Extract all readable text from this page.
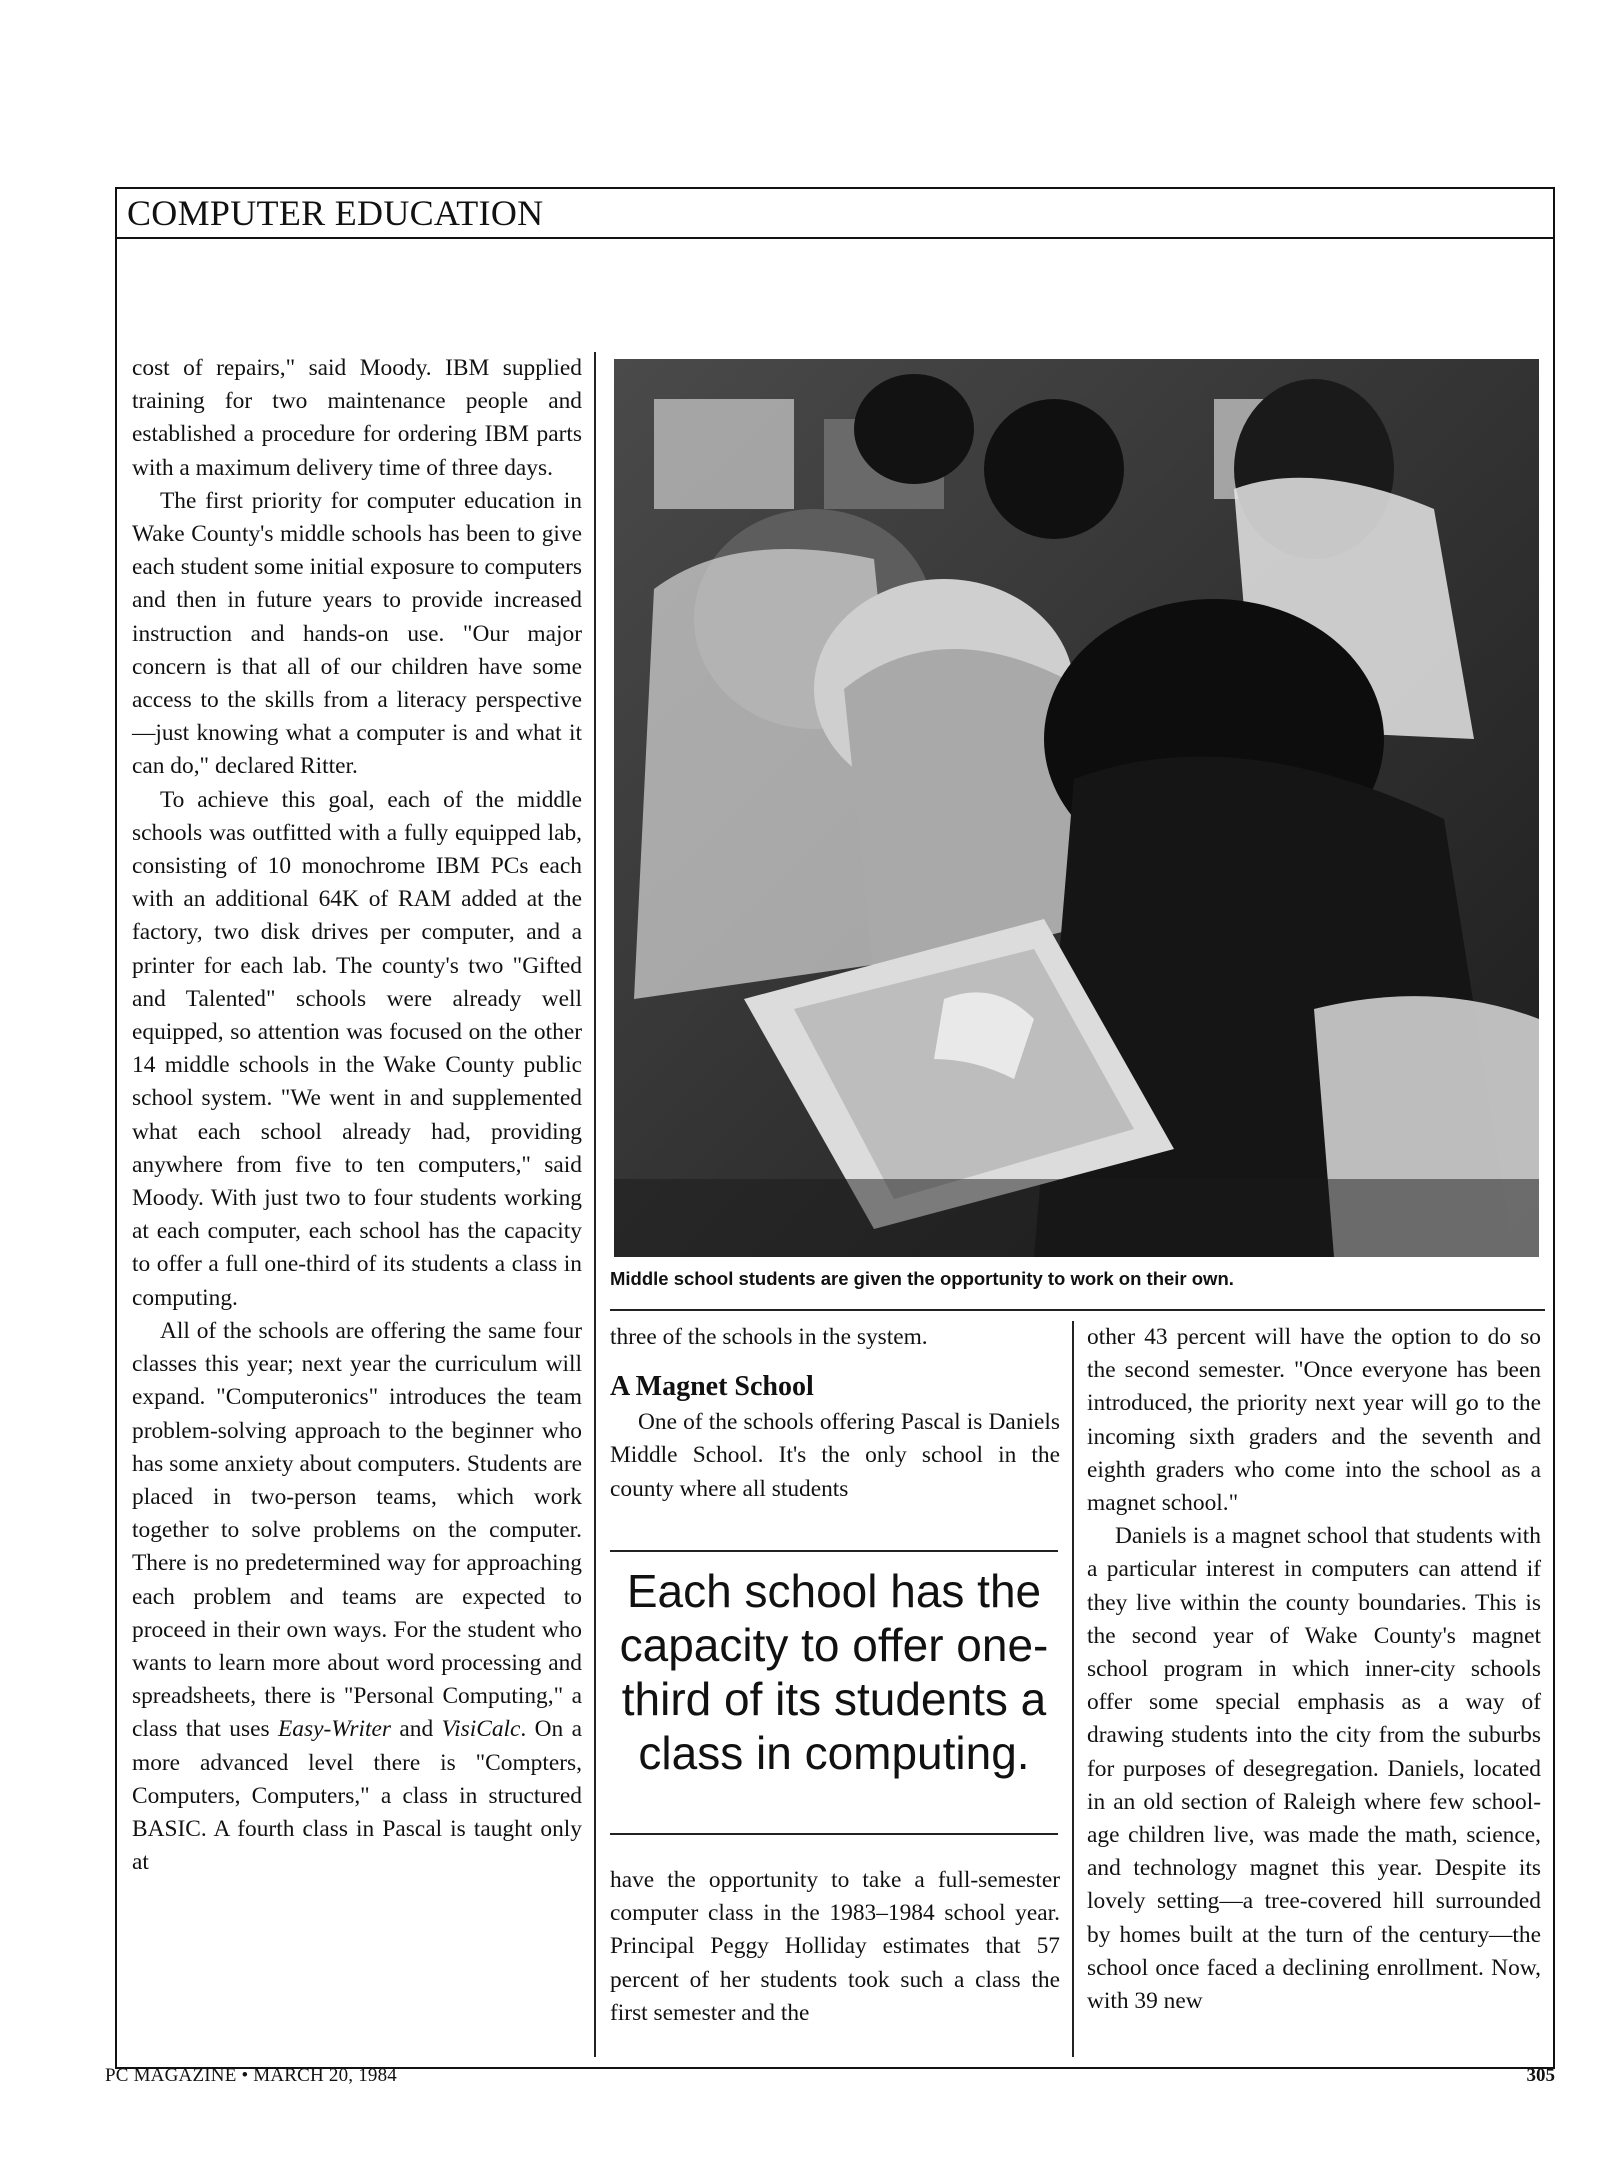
COMPUTER EDUCATION

cost of repairs," said Moody. IBM supplied training for two maintenance people and established a procedure for ordering IBM parts with a maximum delivery time of three days.

The first priority for computer education in Wake County's middle schools has been to give each student some initial exposure to computers and then in future years to provide increased instruction and hands-on use. "Our major concern is that all of our children have some access to the skills from a literacy perspective—just knowing what a computer is and what it can do," declared Ritter.

To achieve this goal, each of the middle schools was outfitted with a fully equipped lab, consisting of 10 monochrome IBM PCs each with an additional 64K of RAM added at the factory, two disk drives per computer, and a printer for each lab. The county's two "Gifted and Talented" schools were already well equipped, so attention was focused on the other 14 middle schools in the Wake County public school system. "We went in and supplemented what each school already had, providing anywhere from five to ten computers," said Moody. With just two to four students working at each computer, each school has the capacity to offer a full one-third of its students a class in computing.

All of the schools are offering the same four classes this year; next year the curriculum will expand. "Computeronics" introduces the team problem-solving approach to the beginner who has some anxiety about computers. Students are placed in two-person teams, which work together to solve problems on the computer. There is no predetermined way for approaching each problem and teams are expected to proceed in their own ways. For the student who wants to learn more about word processing and spreadsheets, there is "Personal Computing," a class that uses Easy-Writer and VisiCalc. On a more advanced level there is "Compters, Computers, Computers," a class in structured BASIC. A fourth class in Pascal is taught only at

Middle school students are given the opportunity to work on their own.

three of the schools in the system.

A Magnet School

One of the schools offering Pascal is Daniels Middle School. It's the only school in the county where all students

Each school has the capacity to offer one-third of its students a class in computing.

have the opportunity to take a full-semester computer class in the 1983–1984 school year. Principal Peggy Holliday estimates that 57 percent of her students took such a class the first semester and the

other 43 percent will have the option to do so the second semester. "Once everyone has been introduced, the priority next year will go to the incoming sixth graders and the seventh and eighth graders who come into the school as a magnet school."

Daniels is a magnet school that students with a particular interest in computers can attend if they live within the county boundaries. This is the second year of Wake County's magnet school program in which inner-city schools offer some special emphasis as a way of drawing students into the city from the suburbs for purposes of desegregation. Daniels, located in an old section of Raleigh where few school-age children live, was made the math, science, and technology magnet this year. Despite its lovely setting—a tree-covered hill surrounded by homes built at the turn of the century—the school once faced a declining enrollment. Now, with 39 new

PC MAGAZINE • MARCH 20, 1984	305
